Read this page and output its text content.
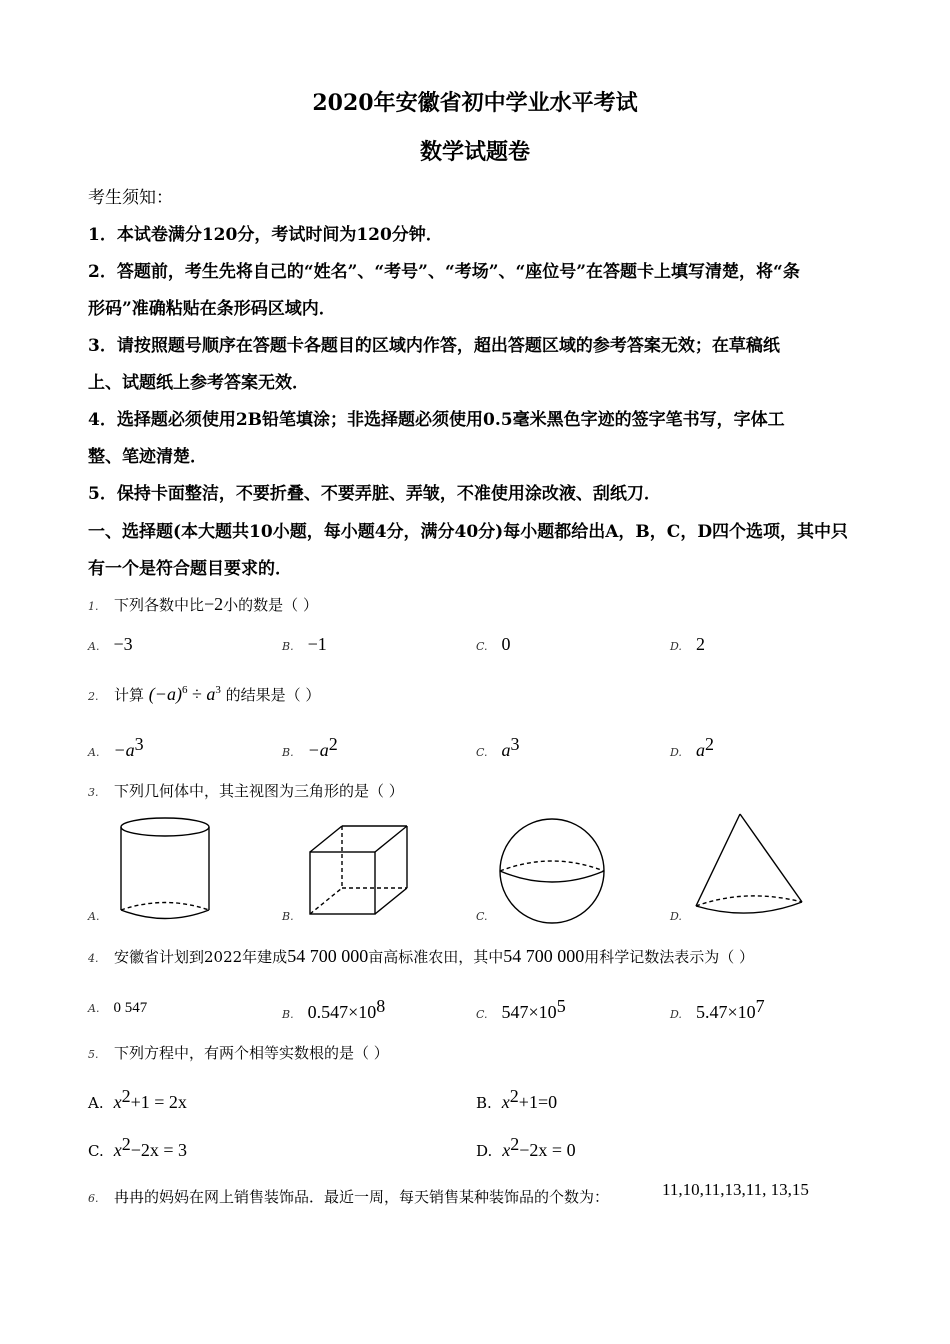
2020年安徽省初中学业水平考试
数学试题卷
考生须知：
1．本试卷满分120分，考试时间为120分钟．
2．答题前，考生先将自己的“姓名”、“考号”、“考场”、“座位号”在答题卡上填写清楚，将“条
形码”准确粘贴在条形码区域内．
3．请按照题号顺序在答题卡各题目的区域内作答，超出答题区域的参考答案无效；在草稿纸
上、试题纸上参考答案无效．
4．选择题必须使用2B铅笔填涂；非选择题必须使用0.5毫米黑色字迹的签字笔书写，字体工
整、笔迹清楚．
5．保持卡面整洁，不要折叠、不要弄脏、弄皱，不准使用涂改液、刮纸刀．
一、选择题(本大题共10小题，每小题4分，满分40分)每小题都给出A，B，C，D四个选项，其中只
有一个是符合题目要求的．
1. 下列各数中比−2小的数是（ ）
A. −3	B. −1	C. 0	D. 2
2. 计算 $(-a)^6 \div a^3$ 的结果是（ ）
A. $-a^3$	B. $-a^2$	C. $a^3$	D. $a^2$
3. 下列几何体中，其主视图为三角形的是（ ）
A.	B.	C.	D.
4. 安徽省计划到2022年建成54 700 000亩高标准农田，其中54 700 000用科学记数法表示为（ ）
A. 0 547	B. $0.547\times 10^8$	C. $547\times 10^5$	D. $5.47\times 10^7$
5. 下列方程中，有两个相等实数根的是（ ）
A. $x^2+1 = 2x$	B. $x^2+1=0$
C. $x^2-2x = 3$	D. $x^2-2x = 0$
6. 冉冉的妈妈在网上销售装饰品．最近一周，每天销售某种装饰品的个数为：	11,10,11,13,11, 13,15
